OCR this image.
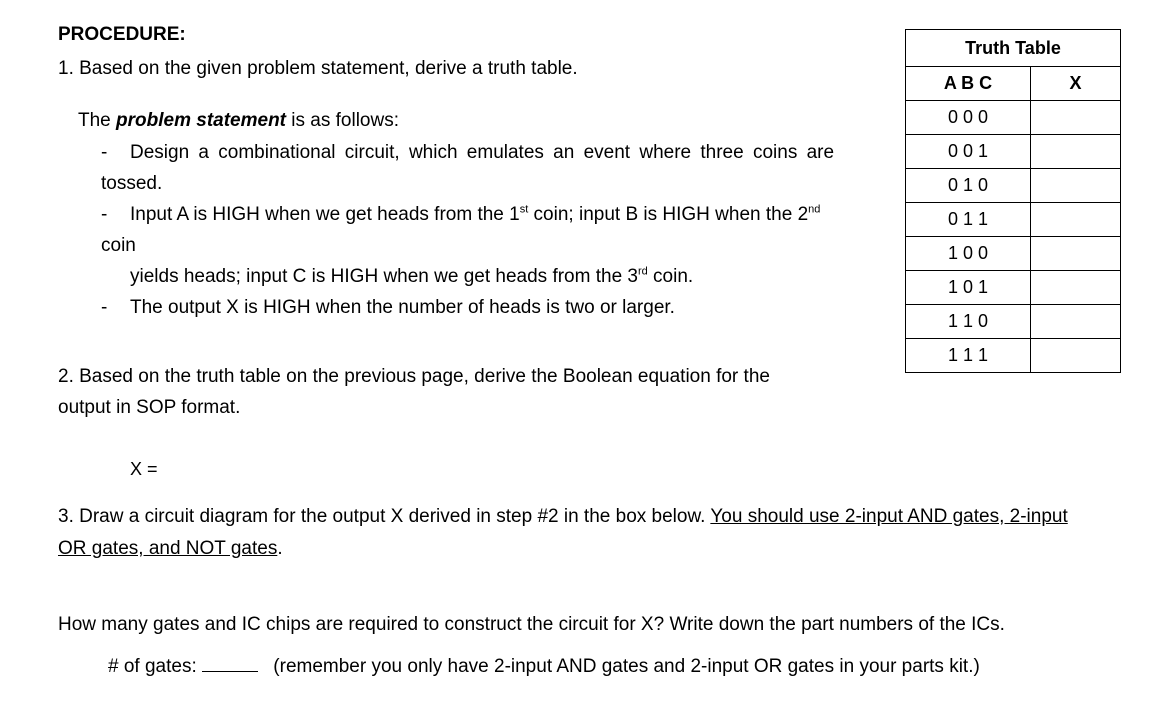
PROCEDURE:
1. Based on the given problem statement, derive a truth table.
The problem statement is as follows:
- Design a combinational circuit, which emulates an event where three coins are
tossed.
- Input A is HIGH when we get heads from the 1st coin; input B is HIGH when the 2nd
coin
yields heads; input C is HIGH when we get heads from the 3rd coin.
- The output X is HIGH when the number of heads is two or larger.
2. Based on the truth table on the previous page, derive the Boolean equation for the
output in SOP format.
X =
3. Draw a circuit diagram for the output X derived in step #2 in the box below. You should use 2-input AND gates, 2-input
OR gates, and NOT gates.
How many gates and IC chips are required to construct the circuit for X? Write down the part numbers of the ICs.
# of gates:	(remember you only have 2-input AND gates and 2-input OR gates in your parts kit.)
Truth Table	
A B C	X
0 0 0	
0 0 1	
0 1 0	
0 1 1	
1 0 0	
1 0 1	
1 1 0	
1 1 1	
